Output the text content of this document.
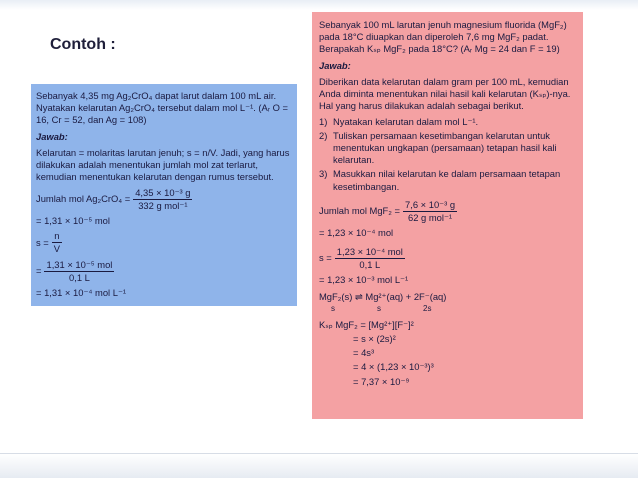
Contoh :
Sebanyak 4,35 mg Ag₂CrO₄ dapat larut dalam 100 mL air. Nyatakan kelarutan Ag₂CrO₄ tersebut dalam mol L⁻¹. (Aᵣ O = 16, Cr = 52, dan Ag = 108)
Jawab:
Kelarutan = molaritas larutan jenuh; s = n/V. Jadi, yang harus dilakukan adalah menentukan jumlah mol zat terlarut, kemudian menentukan kelarutan dengan rumus tersebut.
Jumlah mol $Ag_2CrO_4 = \frac{\text{4,35 × 10⁻³ g}}{\text{332 g mol⁻¹}}$
= 1,31 × 10⁻⁵ mol
$s = \frac{n}{V}$
= $\frac{\text{1,31 × 10⁻⁵ mol}}{0,1 L}$
= 1,31 × 10⁻⁴ mol L⁻¹
Sebanyak 100 mL larutan jenuh magnesium fluorida (MgF₂) pada 18°C diuapkan dan diperoleh 7,6 mg MgF₂ padat. Berapakah Kₛₚ MgF₂ pada 18°C? (Aᵣ Mg = 24 dan F = 19)
Jawab:
Diberikan data kelarutan dalam gram per 100 mL, kemudian Anda diminta menentukan nilai hasil kali kelarutan (Kₛₚ)-nya. Hal yang harus dilakukan adalah sebagai berikut.
1) Nyatakan kelarutan dalam mol L⁻¹.
2) Tuliskan persamaan kesetimbangan kelarutan untuk menentukan ungkapan (persamaan) tetapan hasil kali kelarutan.
3) Masukkan nilai kelarutan ke dalam persamaan tetapan kesetimbangan.
Jumlah mol $MgF_2 = \frac{\text{7,6 × 10⁻³ g}}{\text{62 g mol⁻¹}}$
= 1,23 × 10⁻⁴ mol
$s = \frac{\text{1,23 × 10⁻⁴ mol}}{0,1 L}$
= 1,23 × 10⁻³ mol L⁻¹
MgF₂(s) ⇌ Mg²⁺(aq) + 2F⁻(aq)
s	s	2s
Kₛₚ MgF₂ = [Mg²⁺][F⁻]²
= s × (2s)²
= 4s³
= 4 × (1,23 × 10⁻³)³
= 7,37 × 10⁻⁹
